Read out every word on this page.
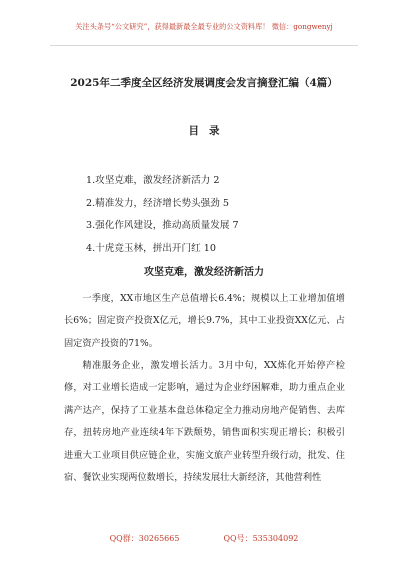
关注头条号“公文研究”，获得最新最全最专业的公文资料库！ 微信：gongwenyj
2025年二季度全区经济发展调度会发言摘登汇编（4篇）
目录
1.攻坚克难，激发经济新活力 2
2.精准发力，经济增长势头强劲 5
3.强化作风建设，推动高质量发展 7
4.十虎竞玉林，拼出开门红 10
攻坚克难，激发经济新活力

一季度，XX市地区生产总值增长6.4%；规模以上工业增加值增长6%；固定资产投资X亿元，增长9.7%，其中工业投资XX亿元、占固定资产投资的71%。

精准服务企业，激发增长活力。3月中旬，XX炼化开始停产检修，对工业增长造成一定影响，通过为企业纾困解难，助力重点企业满产达产，保持了工业基本盘总体稳定全力推动房地产促销售、去库存，扭转房地产业连续4年下跌颓势，销售面积实现正增长；积极引进重大工业项目供应链企业，实施文旅产业转型升级行动，批发、住宿、餐饮业实现两位数增长，持续发展壮大新经济，其他营利性

QQ群：30265665	QQ号：535304092
